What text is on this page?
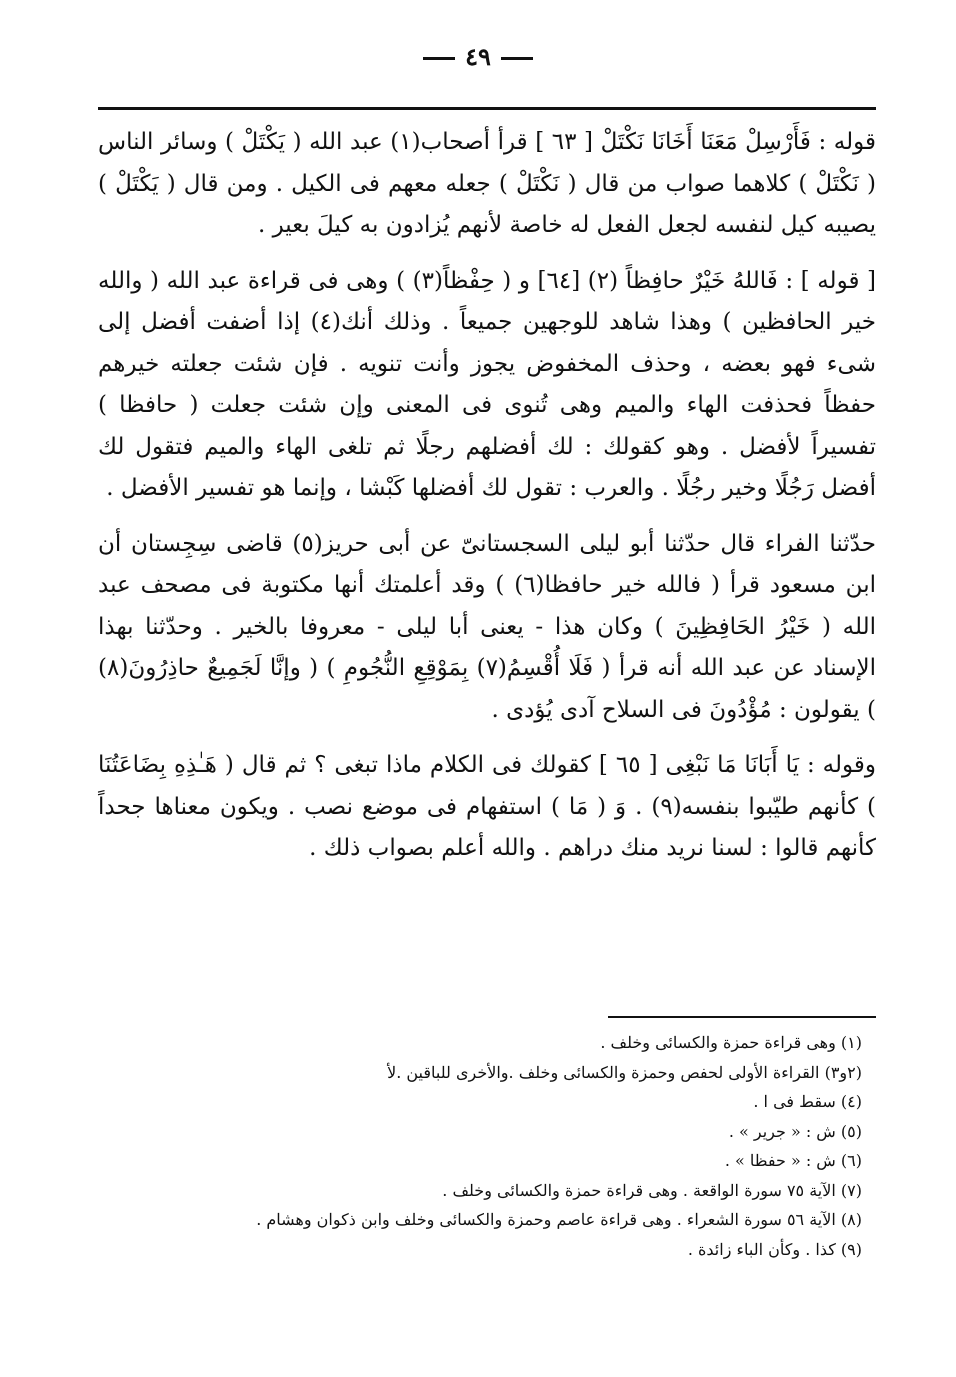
٤٩

قوله : فَأَرْسِلْ مَعَنَا أَخَانَا نَكْتَلْ [ ٦٣ ] قرأ أصحاب(١) عبد الله ( يَكْتَلْ ) وسائر الناس ( نَكْتَلْ ) كلاهما صواب من قال ( نَكْتَلْ ) جعله معهم فى الكيل . ومن قال ( يَكْتَلْ ) يصيبه كيل لنفسه لجعل الفعل له خاصة لأنهم يُزادون به كيلَ بعير .

[ قوله ] : فَاللهُ خَيْرٌ حافِظاً (٢) [٦٤] و ( حِفْظاً(٣) ) وهى فى قراءة عبد الله ( والله خير الحافظين ) وهذا شاهد للوجهين جميعاً . وذلك أنك(٤) إذا أضفت أفضل إلى شىء فهو بعضه ، وحذف المخفوض يجوز وأنت تنويه . فإن شئت جعلته خيرهم حفظاً فحذفت الهاء والميم وهى تُنوى فى المعنى وإن شئت جعلت ( حافظا ) تفسيراً لأفضل . وهو كقولك : لك أفضلهم رجلًا ثم تلغى الهاء والميم فتقول لك أفضل رَجُلًا وخير رجُلًا . والعرب : تقول لك أفضلها كَبْشا ، وإنما هو تفسير الأفضل .

حدّثنا الفراء قال حدّثنا أبو ليلى السجستانىّ عن أبى حريز(٥) قاضى سِجِستان أن ابن مسعود قرأ ( فالله خير حافظا(٦) ) وقد أعلمتك أنها مكتوبة فى مصحف عبد الله ( خَيْرُ الحَافِظِينَ ) وكان هذا - يعنى أبا ليلى - معروفا بالخير . وحدّثنا بهذا الإسناد عن عبد الله أنه قرأ ( فَلَا أُقْسِمُ(٧) بِمَوْقِعِ النُّجُومِ ) ( وإنَّا لَجَمِيعٌ حاذِرُونَ(٨) ) يقولون : مُؤْدُونَ فى السلاح آدى يُؤدى .

وقوله : يَا أَبَانَا مَا نَبْغِى [ ٦٥ ] كقولك فى الكلام ماذا تبغى ؟ ثم قال ( هَـٰذِهِ بِضَاعَتُنَا ) كأنهم طيّبوا بنفسه(٩) . وَ ( مَا ) استفهام فى موضع نصب . ويكون معناها جحداً كأنهم قالوا : لسنا نريد منك دراهم . والله أعلم بصواب ذلك .

(١) وهى قراءة حمزة والكسائى وخلف .
(٢و٣) القراءة الأولى لحفص وحمزة والكسائى وخلف .والأخرى للباقين .لأ
(٤) سقط فى ا .
(٥) ش : « جرير » .
(٦) ش : « حفظا » .
(٧) الآية ٧٥ سورة الواقعة . وهى قراءة حمزة والكسائى وخلف .
(٨) الآية ٥٦ سورة الشعراء . وهى قراءة عاصم وحمزة والكسائى وخلف وابن ذكوان وهشام .
(٩) كذا . وكأن الباء زائدة .
